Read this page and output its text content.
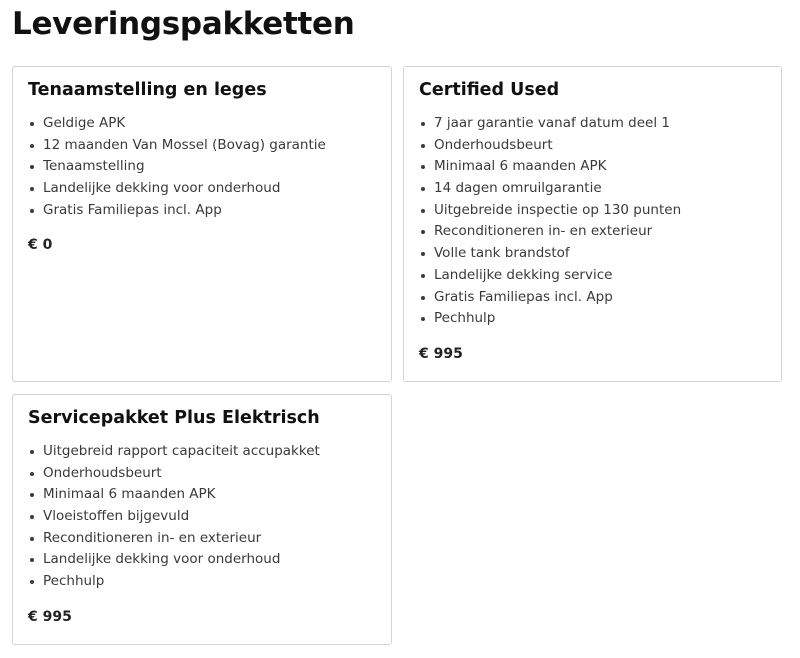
Leveringspakketten
Tenaamstelling en leges
Geldige APK
12 maanden Van Mossel (Bovag) garantie
Tenaamstelling
Landelijke dekking voor onderhoud
Gratis Familiepas incl. App

€ 0

Certified Used
7 jaar garantie vanaf datum deel 1
Onderhoudsbeurt
Minimaal 6 maanden APK
14 dagen omruilgarantie
Uitgebreide inspectie op 130 punten
Reconditioneren in- en exterieur
Volle tank brandstof
Landelijke dekking service
Gratis Familiepas incl. App
Pechhulp

€ 995

Servicepakket Plus Elektrisch
Uitgebreid rapport capaciteit accupakket
Onderhoudsbeurt
Minimaal 6 maanden APK
Vloeistoffen bijgevuld
Reconditioneren in- en exterieur
Landelijke dekking voor onderhoud
Pechhulp

€ 995
